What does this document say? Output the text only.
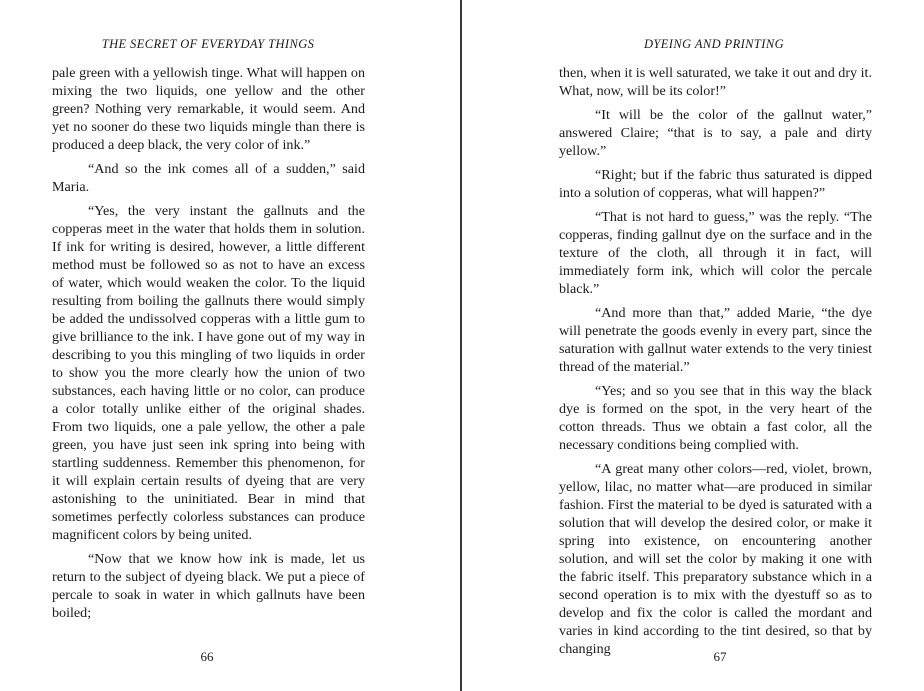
THE SECRET OF EVERYDAY THINGS

pale green with a yellowish tinge. What will happen on mixing the two liquids, one yellow and the other green? Nothing very remarkable, it would seem. And yet no sooner do these two liquids mingle than there is produced a deep black, the very color of ink.”

“And so the ink comes all of a sudden,” said Maria.

“Yes, the very instant the gallnuts and the copperas meet in the water that holds them in solution. If ink for writing is desired, however, a little different method must be followed so as not to have an excess of water, which would weaken the color. To the liquid resulting from boiling the gallnuts there would simply be added the undissolved copperas with a little gum to give brilliance to the ink. I have gone out of my way in describing to you this mingling of two liquids in order to show you the more clearly how the union of two substances, each having little or no color, can produce a color totally unlike either of the original shades. From two liquids, one a pale yellow, the other a pale green, you have just seen ink spring into being with startling suddenness. Remember this phenomenon, for it will explain certain results of dyeing that are very astonishing to the uninitiated. Bear in mind that sometimes perfectly colorless substances can produce magnificent colors by being united.

“Now that we know how ink is made, let us return to the subject of dyeing black. We put a piece of percale to soak in water in which gallnuts have been boiled;

66
DYEING AND PRINTING

then, when it is well saturated, we take it out and dry it. What, now, will be its color!”

“It will be the color of the gallnut water,” answered Claire; “that is to say, a pale and dirty yellow.”

“Right; but if the fabric thus saturated is dipped into a solution of copperas, what will happen?”

“That is not hard to guess,” was the reply. “The copperas, finding gallnut dye on the surface and in the texture of the cloth, all through it in fact, will immediately form ink, which will color the percale black.”

“And more than that,” added Marie, “the dye will penetrate the goods evenly in every part, since the saturation with gallnut water extends to the very tiniest thread of the material.”

“Yes; and so you see that in this way the black dye is formed on the spot, in the very heart of the cotton threads. Thus we obtain a fast color, all the necessary conditions being complied with.

“A great many other colors—red, violet, brown, yellow, lilac, no matter what—are produced in similar fashion. First the material to be dyed is saturated with a solution that will develop the desired color, or make it spring into existence, on encountering another solution, and will set the color by making it one with the fabric itself. This preparatory substance which in a second operation is to mix with the dyestuff so as to develop and fix the color is called the mordant and varies in kind according to the tint desired, so that by changing	67
